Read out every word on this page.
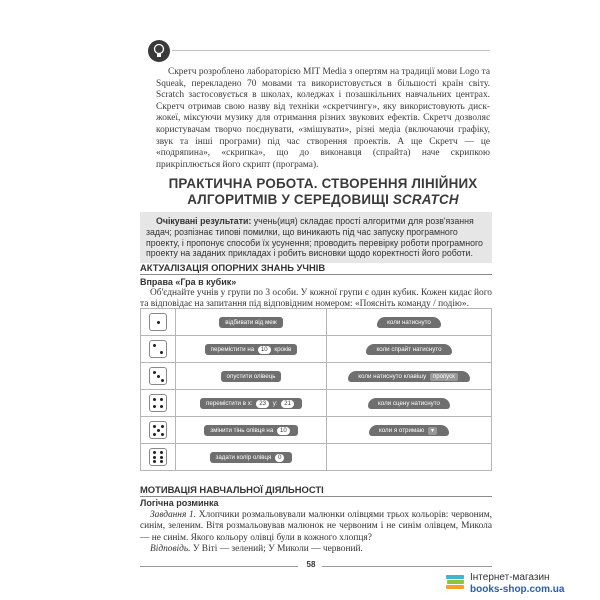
Скретч розроблено лабораторією MIT Media з опертям на традиції мови Logo та Squeak, перекладено 70 мовами та використовується в більшості країн світу. Scratch застосовується в школах, коледжах і позашкільних навчальних центрах. Скретч отримав свою назву від техніки «скретчингу», яку використовують диск-жокеї, міксуючи музику для отримання різних звукових ефектів. Скретч дозволяє користувачам творчо поєднувати, «змішувати», різні медіа (включаючи графіку, звук та інші програми) під час створення проектів. А ще Скретч — це «подряпина», «скрипка», що до виконавця (спрайта) наче скрипкою прикріплюється його скрипт (програма).

ПРАКТИЧНА РОБОТА. СТВОРЕННЯ ЛІНІЙНИХ
АЛГОРИТМІВ У СЕРЕДОВИЩІ SCRATCH

Очікувані результати: учень(иця) складає прості алгоритми для розв'язання задач; розпізнає типові помилки, що виникають під час запуску програмного проекту, і пропонує способи їх усунення; проводить перевірку роботи програмного проекту на заданих прикладах і робить висновки щодо коректності його роботи.

АКТУАЛІЗАЦІЯ ОПОРНИХ ЗНАНЬ УЧНІВ
Вправа «Гра в кубик»

Об'єднайте учнів у групи по 3 особи. У кожної групи є один кубик. Кожен кидає його та відповідає на запитання під відповідним номером: «Поясніть команду / подію».

	відбивати від меж	коли натиснуто

	перемістити на 10 кроків	коли спрайт натиснуто

	опустити олівець	коли натиснуто клавішу пропуск

	перемістити в х: 23 у: 21	коли сцену натиснуто

	змінити тінь олівця на 10	коли я отримаю ▾

	задати колір олівця 0	
МОТИВАЦІЯ НАВЧАЛЬНОЇ ДІЯЛЬНОСТІ
Логічна розминка

Завдання 1. Хлопчики розмальовували малюнки олівцями трьох кольорів: червоним, синім, зеленим. Вітя розмальовував малюнок не червоним і не синім олівцем, Микола — не синім. Якого кольору олівці були в кожного хлопця?

Відповідь. У Віті — зелений; У Миколи — червоний.

58
Інтернет-магазин
books-shop.com.ua
